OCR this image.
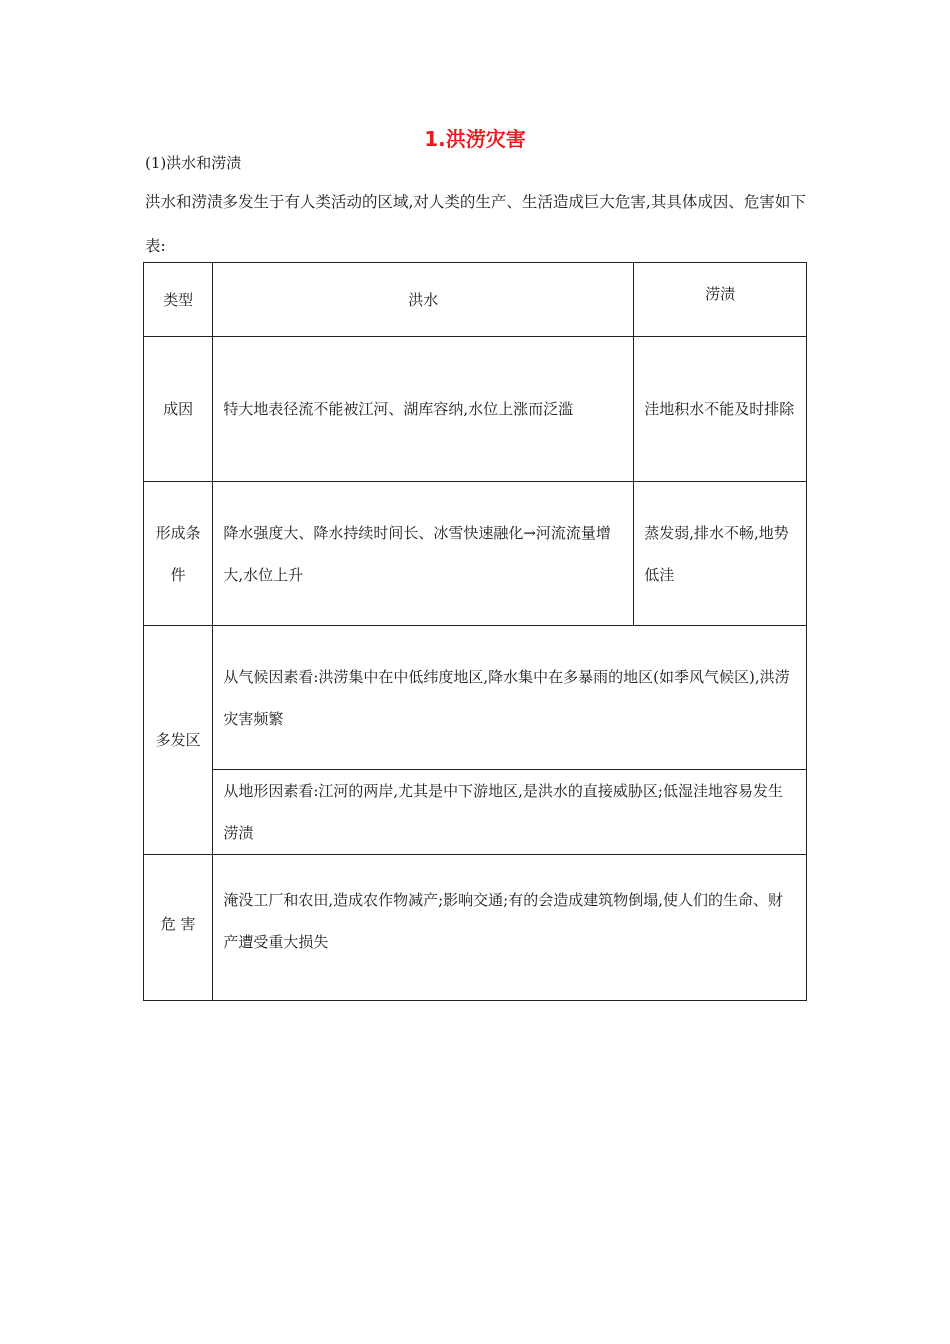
1.洪涝灾害
(1)洪水和涝渍
洪水和涝渍多发生于有人类活动的区域,对人类的生产、生活造成巨大危害,其具体成因、危害如下表:
类型	洪水	涝渍
成因	特大地表径流不能被江河、湖库容纳,水位上涨而泛滥	洼地积水不能及时排除
形成条件	降水强度大、降水持续时间长、冰雪快速融化→河流流量增大,水位上升	蒸发弱,排水不畅,地势低洼
多发区	从气候因素看:洪涝集中在中低纬度地区,降水集中在多暴雨的地区(如季风气候区),洪涝灾害频繁	
	从地形因素看:江河的两岸,尤其是中下游地区,是洪水的直接威胁区;低湿洼地容易发生涝渍	
危 害	淹没工厂和农田,造成农作物减产;影响交通;有的会造成建筑物倒塌,使人们的生命、财产遭受重大损失	
